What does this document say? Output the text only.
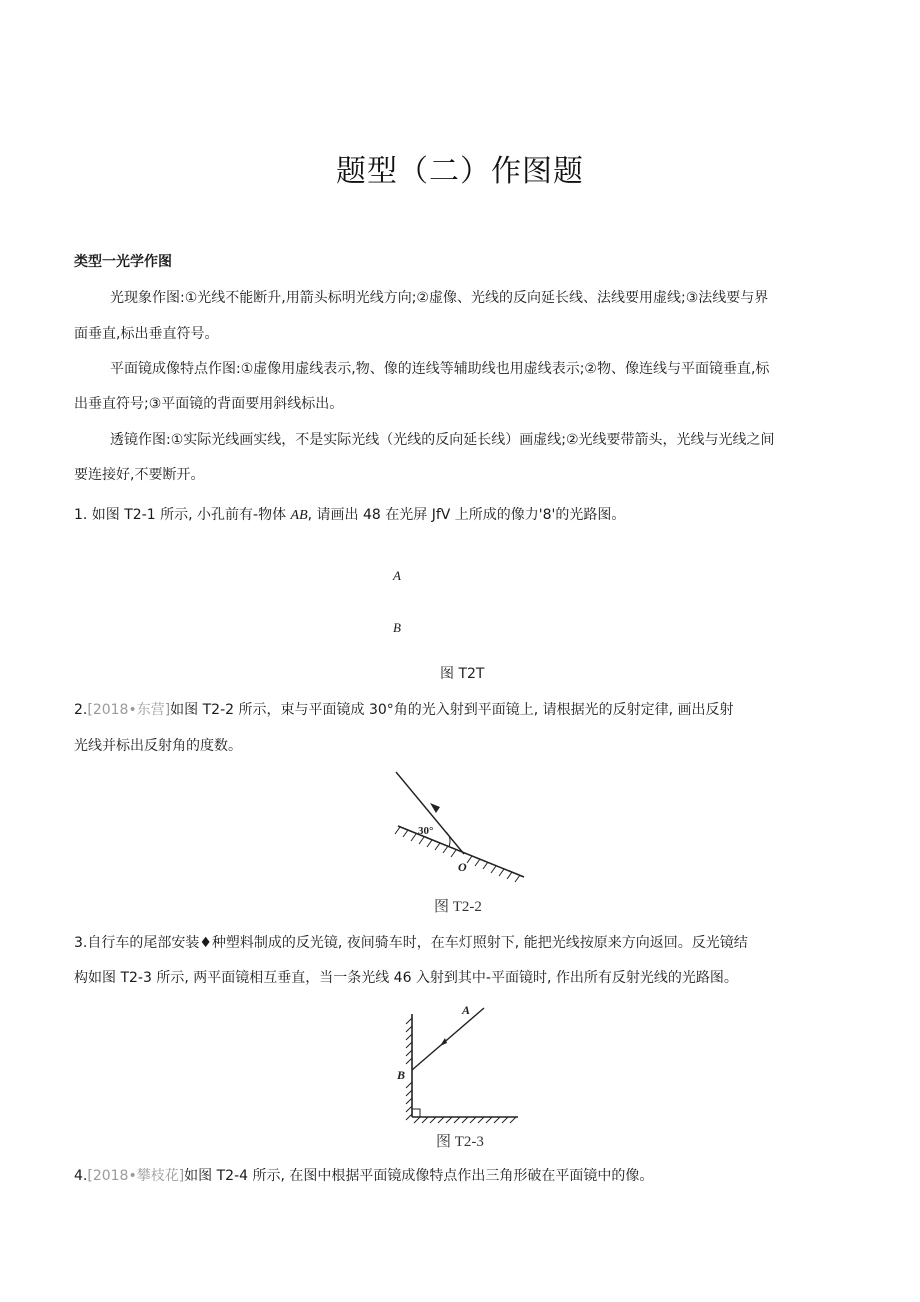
题型（二）作图题
类型一光学作图
光现象作图:①光线不能断升,用箭头标明光线方向;②虚像、光线的反向延长线、法线要用虚线;③法线要与界
面垂直,标出垂直符号。
平面镜成像特点作图:①虚像用虚线表示,物、像的连线等辅助线也用虚线表示;②物、像连线与平面镜垂直,标
出垂直符号;③平面镜的背面要用斜线标出。
透镜作图:①实际光线画实线，不是实际光线（光线的反向延长线）画虚线;②光线要带箭头，光线与光线之间
要连接好,不要断开。
1. 如图 T2-1 所示, 小孔前有-物体 AB, 请画出 48 在光屏 JfV 上所成的像力'8'的光路图。
A
B
图 T2T
2.[2018•东营]如图 T2-2 所示，束与平面镜成 30°角的光入射到平面镜上, 请根据光的反射定律, 画出反射
光线并标出反射角的度数。
30°
O
图 T2-2
3.自行车的尾部安装♦种塑料制成的反光镜, 夜间骑车时，在车灯照射下, 能把光线按原来方向返回。反光镜结
构如图 T2-3 所示, 两平面镜相互垂直，当一条光线 46 入射到其中-平面镜时, 作出所有反射光线的光路图。
A
B
图 T2-3
4.[2018•攀枝花]如图 T2-4 所示, 在图中根据平面镜成像特点作出三角形破在平面镜中的像。
